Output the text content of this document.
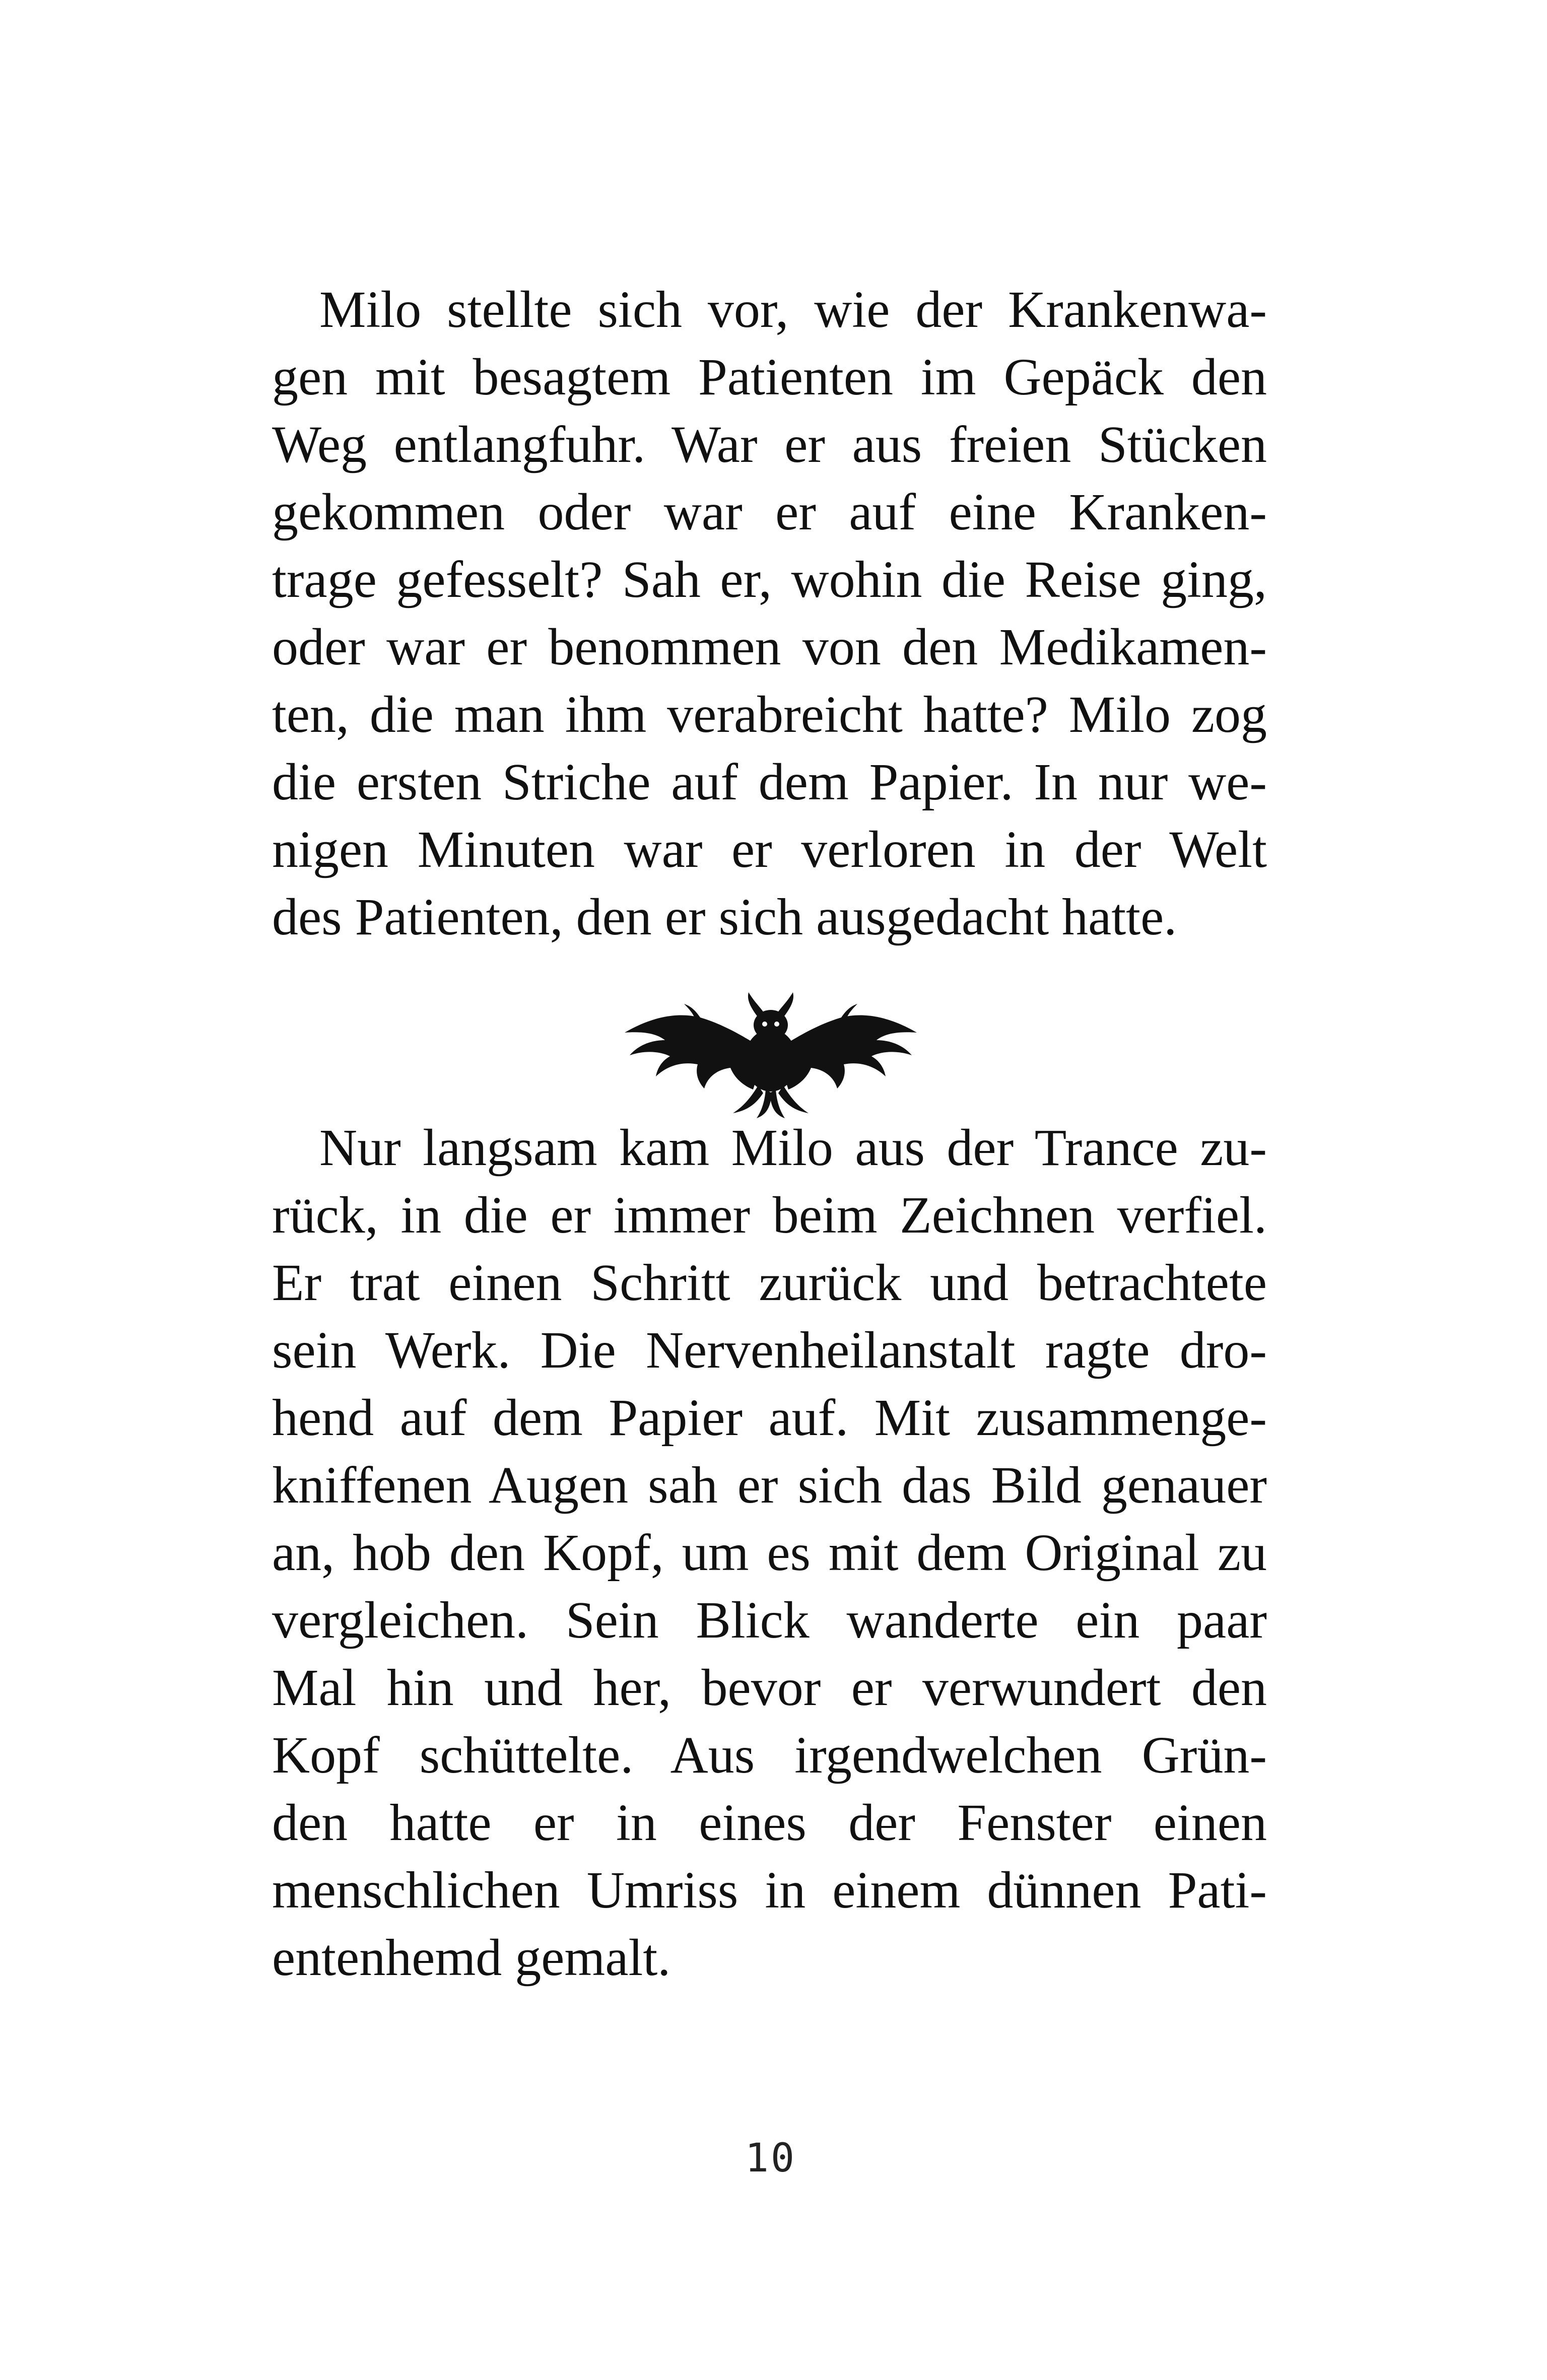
Milo stellte sich vor, wie der Krankenwa-
gen mit besagtem Patienten im Gepäck den
Weg entlangfuhr. War er aus freien Stücken
gekommen oder war er auf eine Kranken-
trage gefesselt? Sah er, wohin die Reise ging,
oder war er benommen von den Medikamen-
ten, die man ihm verabreicht hatte? Milo zog
die ersten Striche auf dem Papier. In nur we-
nigen Minuten war er verloren in der Welt
des Patienten, den er sich ausgedacht hatte.
Nur langsam kam Milo aus der Trance zu-
rück, in die er immer beim Zeichnen verfiel.
Er trat einen Schritt zurück und betrachtete
sein Werk. Die Nervenheilanstalt ragte dro-
hend auf dem Papier auf. Mit zusammenge-
kniffenen Augen sah er sich das Bild genauer
an, hob den Kopf, um es mit dem Original zu
vergleichen. Sein Blick wanderte ein paar
Mal hin und her, bevor er verwundert den
Kopf schüttelte. Aus irgendwelchen Grün-
den hatte er in eines der Fenster einen
menschlichen Umriss in einem dünnen Pati-
entenhemd gemalt.
10
